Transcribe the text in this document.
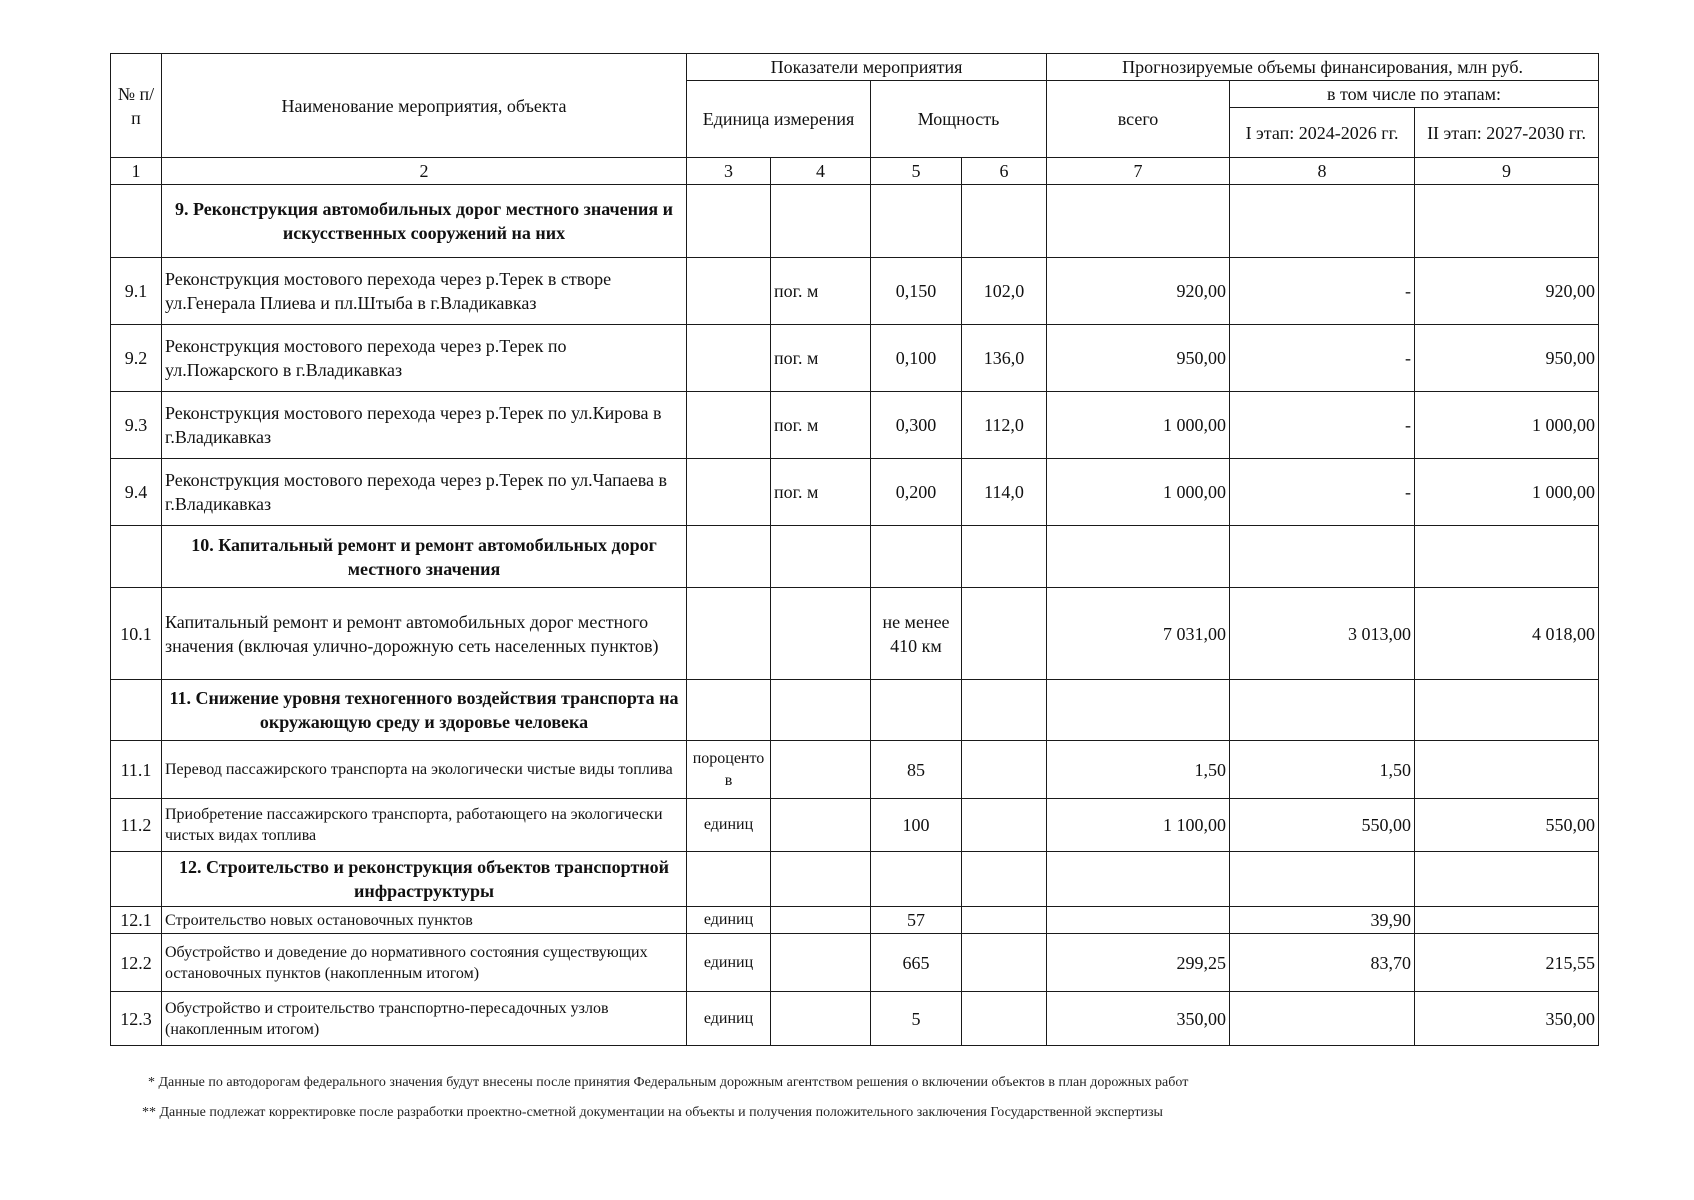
№ п/п	Наименование мероприятия, объекта	Показатели мероприятия				Прогнозируемые объемы финансирования, млн руб.		
		Единица измерения		Мощность		всего	в том числе по этапам:	
							I этап: 2024-2026 гг.	II этап: 2027-2030 гг.
1	2	3	4	5	6	7	8	9
	9. Реконструкция автомобильных дорог местного значения и искусственных сооружений на них							
9.1	Реконструкция мостового перехода через р.Терек в створе ул.Генерала Плиева и пл.Штыба в г.Владикавказ		пог. м	0,150	102,0	920,00	-	920,00
9.2	Реконструкция мостового перехода через р.Терек по ул.Пожарского в г.Владикавказ		пог. м	0,100	136,0	950,00	-	950,00
9.3	Реконструкция мостового перехода через р.Терек по ул.Кирова в г.Владикавказ		пог. м	0,300	112,0	1 000,00	-	1 000,00
9.4	Реконструкция мостового перехода через р.Терек по ул.Чапаева в г.Владикавказ		пог. м	0,200	114,0	1 000,00	-	1 000,00
	10. Капитальный ремонт и ремонт автомобильных дорог местного значения							
10.1	Капитальный ремонт и ремонт автомобильных дорог местного значения (включая улично-дорожную сеть населенных пунктов)			не менее 410 км		7 031,00	3 013,00	4 018,00
	11. Снижение уровня техногенного воздействия транспорта на окружающую среду и здоровье человека							
11.1	Перевод пассажирского транспорта на экологически чистые виды топлива	пороцентов		85		1,50	1,50	
11.2	Приобретение пассажирского транспорта, работающего на экологически чистых видах топлива	единиц		100		1 100,00	550,00	550,00
	12. Строительство и реконструкция объектов транспортной инфраструктуры							
12.1	Строительство новых остановочных пунктов	единиц		57			39,90	
12.2	Обустройство и доведение до нормативного состояния существующих остановочных пунктов (накопленным итогом)	единиц		665		299,25	83,70	215,55
12.3	Обустройство и строительство транспортно-пересадочных узлов (накопленным итогом)	единиц		5		350,00		350,00
* Данные по автодорогам федерального значения будут внесены после принятия Федеральным дорожным агентством решения о включении объектов в план дорожных работ
** Данные подлежат корректировке после разработки проектно-сметной документации на объекты и получения положительного заключения Государственной экспертизы
